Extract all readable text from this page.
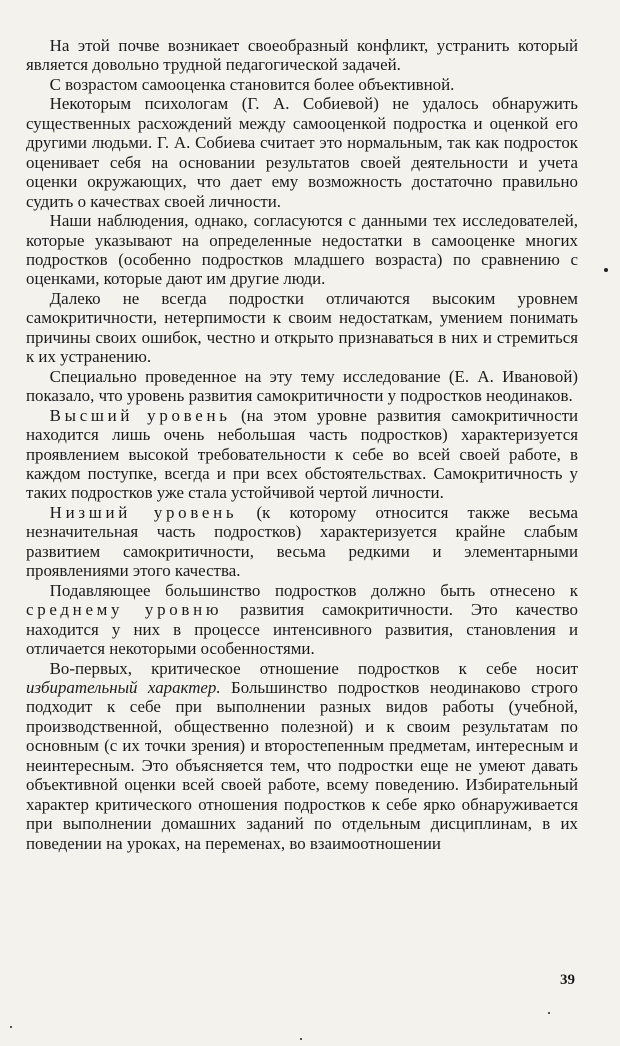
На этой почве возникает своеобразный конфликт, устранить который является довольно трудной педагогической задачей.

С возрастом самооценка становится более объективной.

Некоторым психологам (Г. А. Собиевой) не удалось обнаружить существенных расхождений между самооценкой подростка и оценкой его другими людьми. Г. А. Собиева считает это нормальным, так как подросток оценивает себя на основании результатов своей деятельности и учета оценки окружающих, что дает ему возможность достаточно правильно судить о качествах своей личности.

Наши наблюдения, однако, согласуются с данными тех исследователей, которые указывают на определенные недостатки в самооценке многих подростков (особенно подростков младшего возраста) по сравнению с оценками, которые дают им другие люди.

Далеко не всегда подростки отличаются высоким уровнем самокритичности, нетерпимости к своим недостаткам, умением понимать причины своих ошибок, честно и открыто признаваться в них и стремиться к их устранению.

Специально проведенное на эту тему исследование (Е. А. Ивановой) показало, что уровень развития самокритичности у подростков неодинаков.

Высший уровень (на этом уровне развития самокритичности находится лишь очень небольшая часть подростков) характеризуется проявлением высокой требовательности к себе во всей своей работе, в каждом поступке, всегда и при всех обстоятельствах. Самокритичность у таких подростков уже стала устойчивой чертой личности.

Низший уровень (к которому относится также весьма незначительная часть подростков) характеризуется крайне слабым развитием самокритичности, весьма редкими и элементарными проявлениями этого качества.

Подавляющее большинство подростков должно быть отнесено к среднему уровню развития самокритичности. Это качество находится у них в процессе интенсивного развития, становления и отличается некоторыми особенностями.

Во-первых, критическое отношение подростков к себе носит избирательный характер. Большинство подростков неодинаково строго подходит к себе при выполнении разных видов работы (учебной, производственной, общественно полезной) и к своим результатам по основным (с их точки зрения) и второстепенным предметам, интересным и неинтересным. Это объясняется тем, что подростки еще не умеют давать объективной оценки всей своей работе, всему поведению. Избирательный характер критического отношения подростков к себе ярко обнаруживается при выполнении домашних заданий по отдельным дисциплинам, в их поведении на уроках, на переменах, во взаимоотношении

39
